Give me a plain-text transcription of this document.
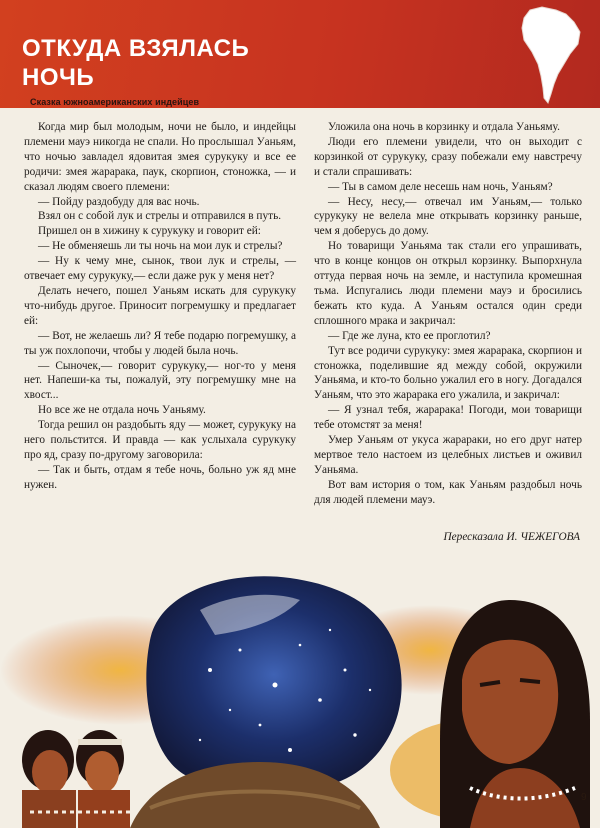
ОТКУДА ВЗЯЛАСЬ
НОЧЬ
Сказка южноамериканских индейцев

Когда мир был молодым, ночи не было, и индейцы племени мауэ никогда не спали. Но прослышал Уаньям, что ночью завладел ядовитая змея сурукуку и все ее родичи: змея жарарака, паук, скорпион, стоножка, — и сказал людям своего племени:

— Пойду раздобуду для вас ночь.

Взял он с собой лук и стрелы и отправился в путь.

Пришел он в хижину к сурукуку и говорит ей:

— Не обменяешь ли ты ночь на мои лук и стрелы?

— Ну к чему мне, сынок, твои лук и стрелы, — отвечает ему сурукуку,— если даже рук у меня нет?

Делать нечего, пошел Уаньям искать для сурукуку что-нибудь другое. Приносит погремушку и предлагает ей:

— Вот, не желаешь ли? Я тебе подарю погремушку, а ты уж похлопочи, чтобы у людей была ночь.

— Сыночек,— говорит сурукуку,— ног-то у меня нет. Напеши-ка ты, пожалуй, эту погремушку мне на хвост...

Но все же не отдала ночь Уаньяму.

Тогда решил он раздобыть яду — может, сурукуку на него польстится. И правда — как услыхала сурукуку про яд, сразу по-другому заговорила:

— Так и быть, отдам я тебе ночь, больно уж яд мне нужен.

Уложила она ночь в корзинку и отдала Уаньяму.

Люди его племени увидели, что он выходит с корзинкой от сурукуку, сразу побежали ему навстречу и стали спрашивать:

— Ты в самом деле несешь нам ночь, Уаньям?

— Несу, несу,— отвечал им Уаньям,— только сурукуку не велела мне открывать корзинку раньше, чем я доберусь до дому.

Но товарищи Уаньяма так стали его упрашивать, что в конце концов он открыл корзинку. Выпорхнула оттуда первая ночь на земле, и наступила кромешная тьма. Испугались люди племени мауэ и бросились бежать кто куда. А Уаньям остался один среди сплошного мрака и закричал:

— Где же луна, кто ее проглотил?

Тут все родичи сурукуку: змея жарарака, скорпион и стоножка, поделившие яд между собой, окружили Уаньяма, и кто-то больно ужалил его в ногу. Догадался Уаньям, что это жарарака его ужалила, и закричал:

— Я узнал тебя, жарарака! Погоди, мои товарищи тебе отомстят за меня!

Умер Уаньям от укуса жарараки, но его друг натер мертвое тело настоем из целебных листьев и оживил Уаньяма.

Вот вам история о том, как Уаньям раздобыл ночь для людей племени мауэ.

Пересказала И. ЧЕЖЕГОВА
9
